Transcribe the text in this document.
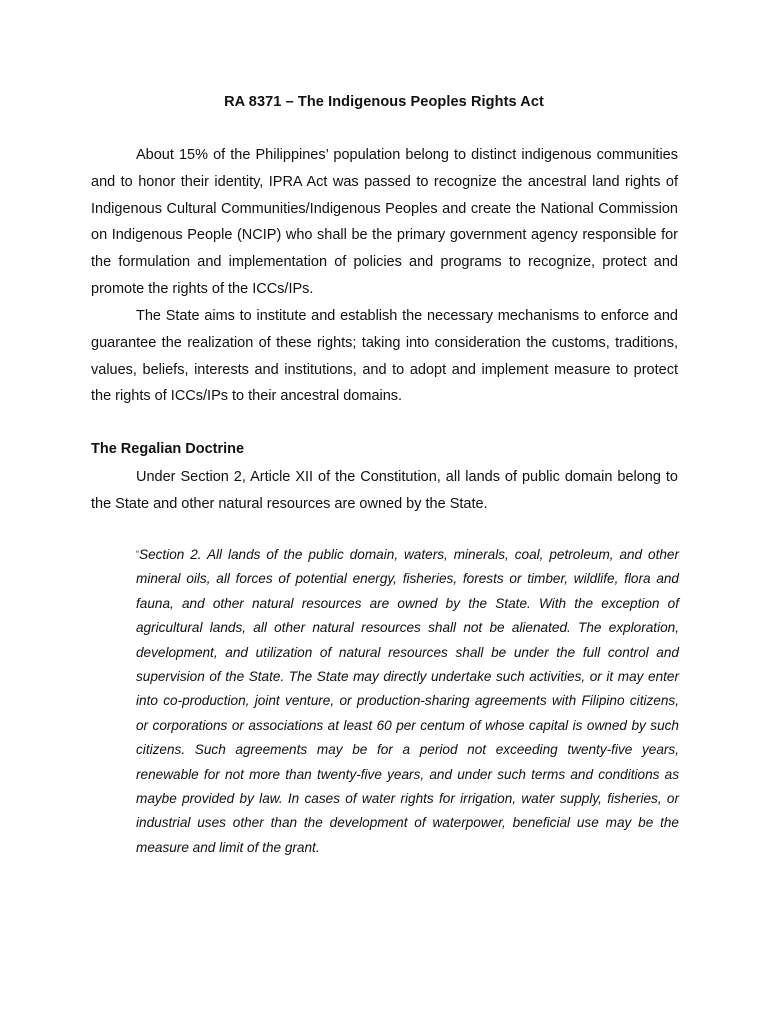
RA 8371 – The Indigenous Peoples Rights Act

About 15% of the Philippines’ population belong to distinct indigenous communities and to honor their identity, IPRA Act was passed to recognize the ancestral land rights of Indigenous Cultural Communities/Indigenous Peoples and create the National Commission on Indigenous People (NCIP) who shall be the primary government agency responsible for the formulation and implementation of policies and programs to recognize, protect and promote the rights of the ICCs/IPs.

The State aims to institute and establish the necessary mechanisms to enforce and guarantee the realization of these rights; taking into consideration the customs, traditions, values, beliefs, interests and institutions, and to adopt and implement measure to protect the rights of ICCs/IPs to their ancestral domains.

The Regalian Doctrine

Under Section 2, Article XII of the Constitution, all lands of public domain belong to the State and other natural resources are owned by the State.

“Section 2. All lands of the public domain, waters, minerals, coal, petroleum, and other mineral oils, all forces of potential energy, fisheries, forests or timber, wildlife, flora and fauna, and other natural resources are owned by the State. With the exception of agricultural lands, all other natural resources shall not be alienated. The exploration, development, and utilization of natural resources shall be under the full control and supervision of the State. The State may directly undertake such activities, or it may enter into co-production, joint venture, or production-sharing agreements with Filipino citizens, or corporations or associations at least 60 per centum of whose capital is owned by such citizens. Such agreements may be for a period not exceeding twenty-five years, renewable for not more than twenty-five years, and under such terms and conditions as maybe provided by law. In cases of water rights for irrigation, water supply, fisheries, or industrial uses other than the development of waterpower, beneficial use may be the measure and limit of the grant.
